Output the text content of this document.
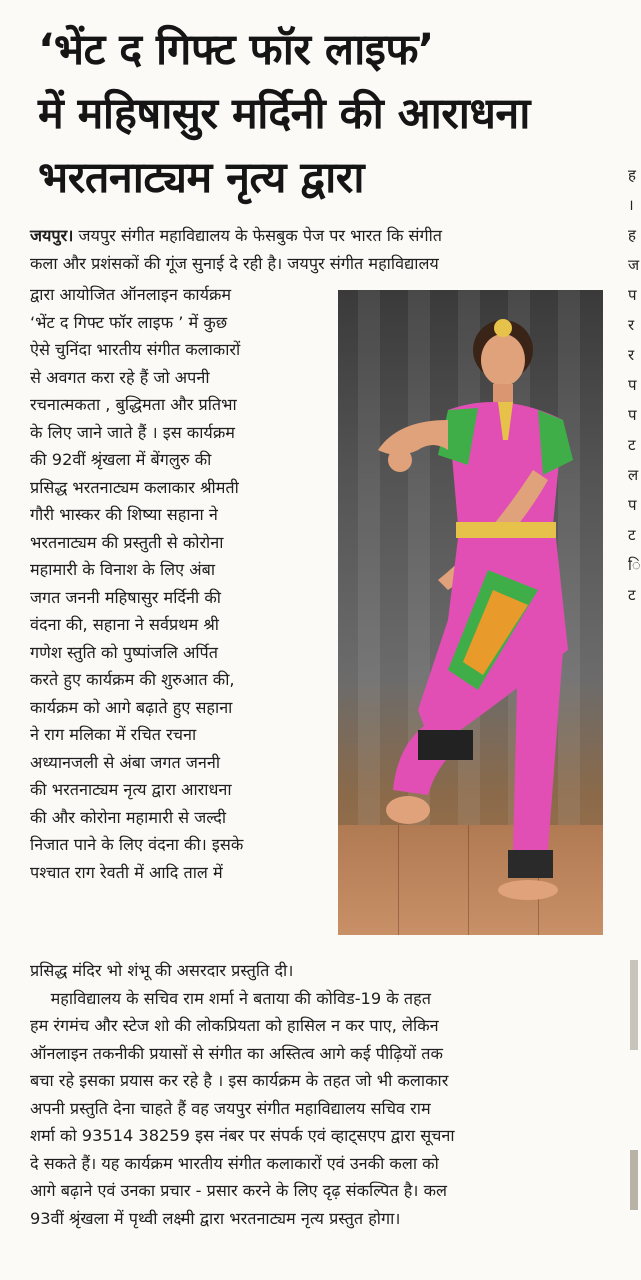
‘भेंट द गिफ्ट फॉर लाइफ’
में महिषासुर मर्दिनी की आराधना
भरतनाट्यम नृत्य द्वारा
जयपुर। जयपुर संगीत महाविद्यालय के फेसबुक पेज पर भारत कि संगीत
कला और प्रशंसकों की गूंज सुनाई दे रही है। जयपुर संगीत महाविद्यालय
द्वारा आयोजित ऑनलाइन कार्यक्रम
‘भेंट द गिफ्ट फॉर लाइफ ’ में कुछ
ऐसे चुनिंदा भारतीय संगीत कलाकारों
से अवगत करा रहे हैं जो अपनी
रचनात्मकता , बुद्धिमता और प्रतिभा
के लिए जाने जाते हैं । इस कार्यक्रम
की 92वीं श्रृंखला में बेंगलुरु की
प्रसिद्ध भरतनाट्यम कलाकार श्रीमती
गौरी भास्कर की शिष्या सहाना ने
भरतनाट्यम की प्रस्तुती से कोरोना
महामारी के विनाश के लिए अंबा
जगत जननी महिषासुर मर्दिनी की
वंदना की, सहाना ने सर्वप्रथम श्री
गणेश स्तुति को पुष्पांजलि अर्पित
करते हुए कार्यक्रम की शुरुआत की,
कार्यक्रम को आगे बढ़ाते हुए सहाना
ने राग मलिका में रचित रचना
अध्यानजली से अंबा जगत जननी
की भरतनाट्यम नृत्य द्वारा आराधना
की और कोरोना महामारी से जल्दी
निजात पाने के लिए वंदना की। इसके
पश्चात राग रेवती में आदि ताल में
प्रसिद्ध मंदिर भो शंभू की असरदार प्रस्तुति दी।
महाविद्यालय के सचिव राम शर्मा ने बताया की कोविड-19 के तहत
हम रंगमंच और स्टेज शो की लोकप्रियता को हासिल न कर पाए, लेकिन
ऑनलाइन तकनीकी प्रयासों से संगीत का अस्तित्व आगे कई पीढ़ियों तक
बचा रहे इसका प्रयास कर रहे है । इस कार्यक्रम के तहत जो भी कलाकार
अपनी प्रस्तुति देना चाहते हैं वह जयपुर संगीत महाविद्यालय सचिव राम
शर्मा को 93514 38259 इस नंबर पर संपर्क एवं व्हाट्सएप द्वारा सूचना
दे सकते हैं। यह कार्यक्रम भारतीय संगीत कलाकारों एवं उनकी कला को
आगे बढ़ाने एवं उनका प्रचार - प्रसार करने के लिए दृढ़ संकल्पित है। कल
93वीं श्रृंखला में पृथ्वी लक्ष्मी द्वारा भरतनाट्यम नृत्य प्रस्तुत होगा।
ह
।
ह
ज
प
र
र
प
प
ट
ल
प
ट
ि
ट
